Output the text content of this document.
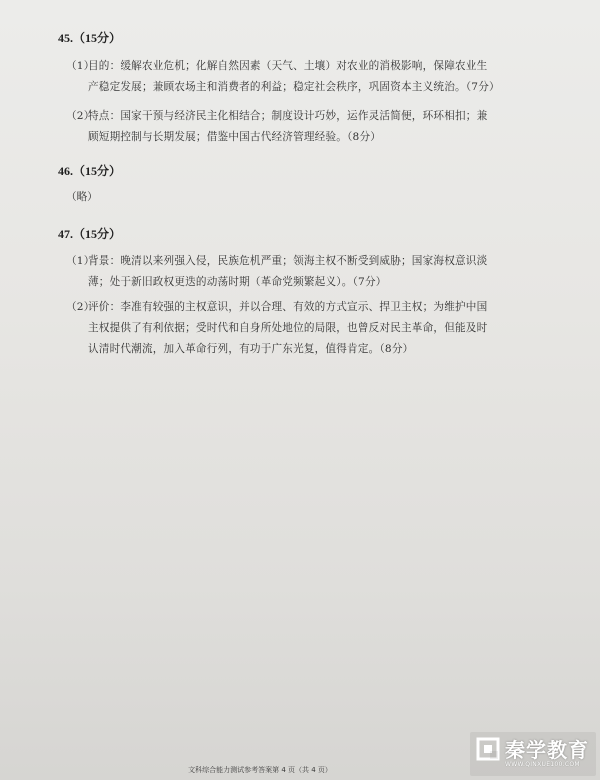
45.（15分）
（1）
目的：缓解农业危机；化解自然因素（天气、土壤）对农业的消极影响，保障农业生
产稳定发展；兼顾农场主和消费者的利益；稳定社会秩序，巩固资本主义统治。（7分）
（2）
特点：国家干预与经济民主化相结合；制度设计巧妙，运作灵活简便，环环相扣；兼
顾短期控制与长期发展；借鉴中国古代经济管理经验。（8分）
46.（15分）
（略）
47.（15分）
（1）
背景：晚清以来列强入侵，民族危机严重；领海主权不断受到威胁；国家海权意识淡
薄；处于新旧政权更迭的动荡时期（革命党频繁起义）。（7分）
（2）
评价：李准有较强的主权意识，并以合理、有效的方式宣示、捍卫主权；为维护中国
主权提供了有利依据；受时代和自身所处地位的局限，也曾反对民主革命，但能及时
认清时代潮流，加入革命行列，有功于广东光复，值得肯定。（8分）
文科综合能力测试参考答案第 4 页（共 4 页）
秦学教育
WWW.QINXUE100.COM
